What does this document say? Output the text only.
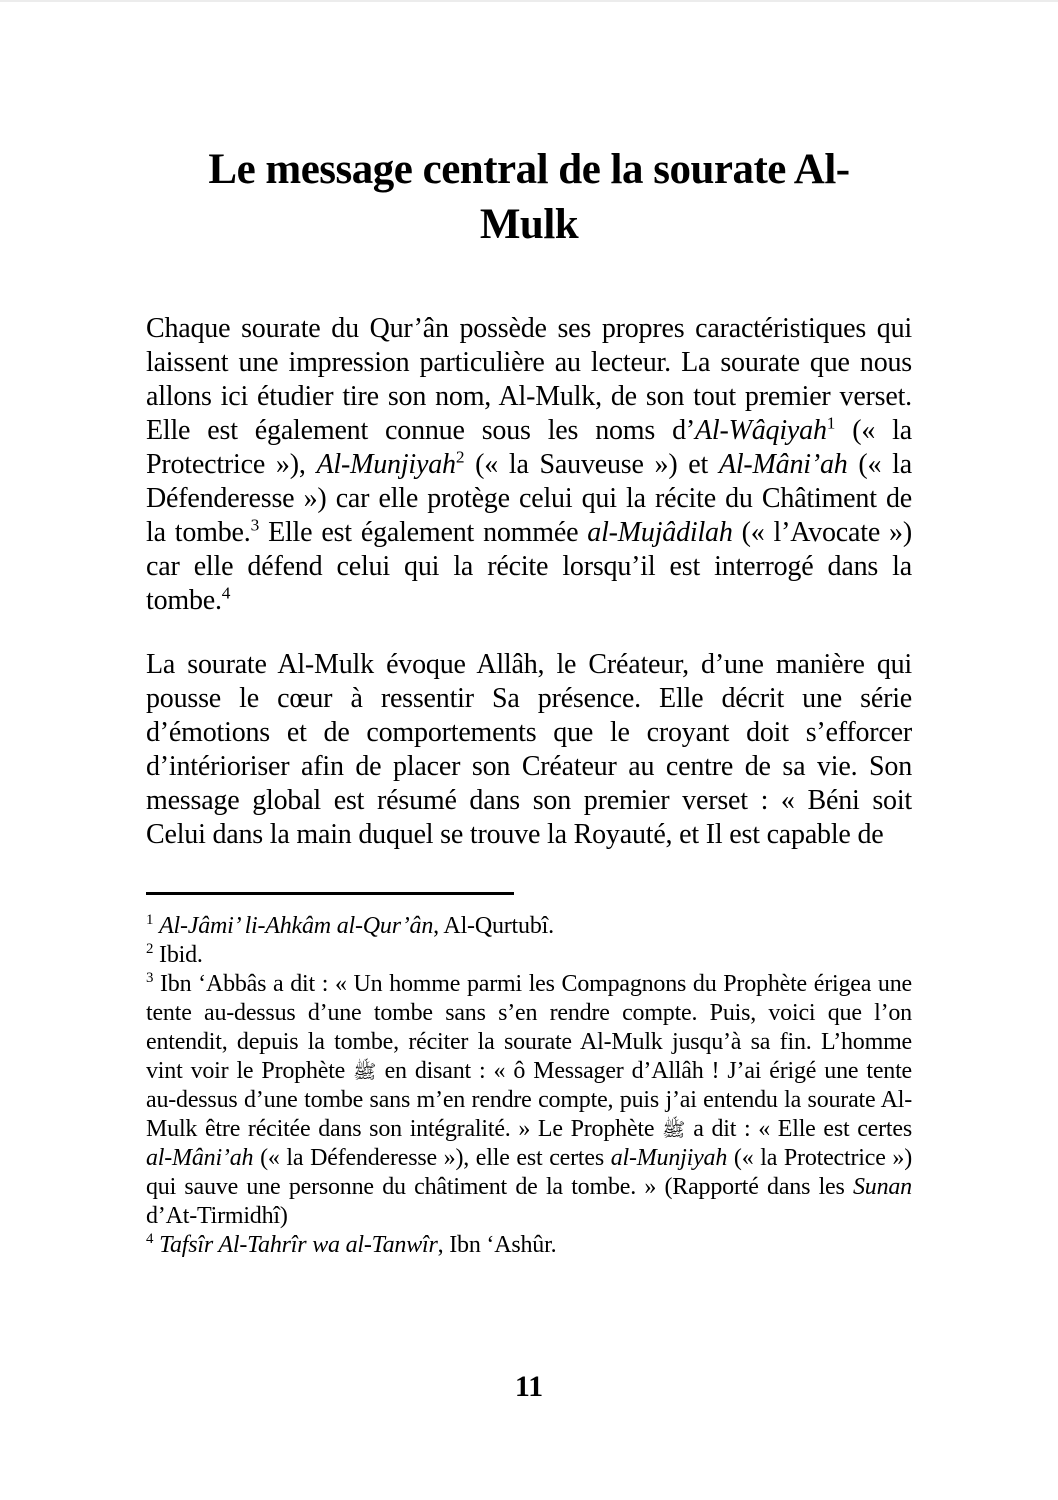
Le message central de la sourate Al-
Mulk

Chaque sourate du Qur’ân possède ses propres caractéristiques qui laissent une impression particulière au lecteur. La sourate que nous allons ici étudier tire son nom, Al-Mulk, de son tout premier verset. Elle est également connue sous les noms d’Al-Wâqiyah$^1$ (« la Protectrice »), Al-Munjiyah$^2$ (« la Sauveuse ») et Al-Mâni’ah (« la Défenderesse ») car elle protège celui qui la récite du Châtiment de la tombe.$^3$ Elle est également nommée al-Mujâdilah (« l’Avocate ») car elle défend celui qui la récite lorsqu’il est interrogé dans la tombe.$^4$

La sourate Al-Mulk évoque Allâh, le Créateur, d’une manière qui pousse le cœur à ressentir Sa présence. Elle décrit une série d’émotions et de comportements que le croyant doit s’efforcer d’intérioriser afin de placer son Créateur au centre de sa vie. Son message global est résumé dans son premier verset : « Béni soit Celui dans la main duquel se trouve la Royauté, et Il est capable de

$^1$ Al-Jâmi’ li-Ahkâm al-Qur’ân, Al-Qurtubî.

$^2$ Ibid.

$^3$ Ibn ‘Abbâs a dit : « Un homme parmi les Compagnons du Prophète érigea une tente au-dessus d’une tombe sans s’en rendre compte. Puis, voici que l’on entendit, depuis la tombe, réciter la sourate Al-Mulk jusqu’à sa fin. L’homme vint voir le Prophète ﷺ en disant : « ô Messager d’Allâh ! J’ai érigé une tente au-dessus d’une tombe sans m’en rendre compte, puis j’ai entendu la sourate Al-Mulk être récitée dans son intégralité. » Le Prophète ﷺ a dit : « Elle est certes al-Mâni’ah (« la Défenderesse »), elle est certes al-Munjiyah (« la Protectrice ») qui sauve une personne du châtiment de la tombe. » (Rapporté dans les Sunan d’At-Tirmidhî)

$^4$ Tafsîr Al-Tahrîr wa al-Tanwîr, Ibn ‘Ashûr.

11
